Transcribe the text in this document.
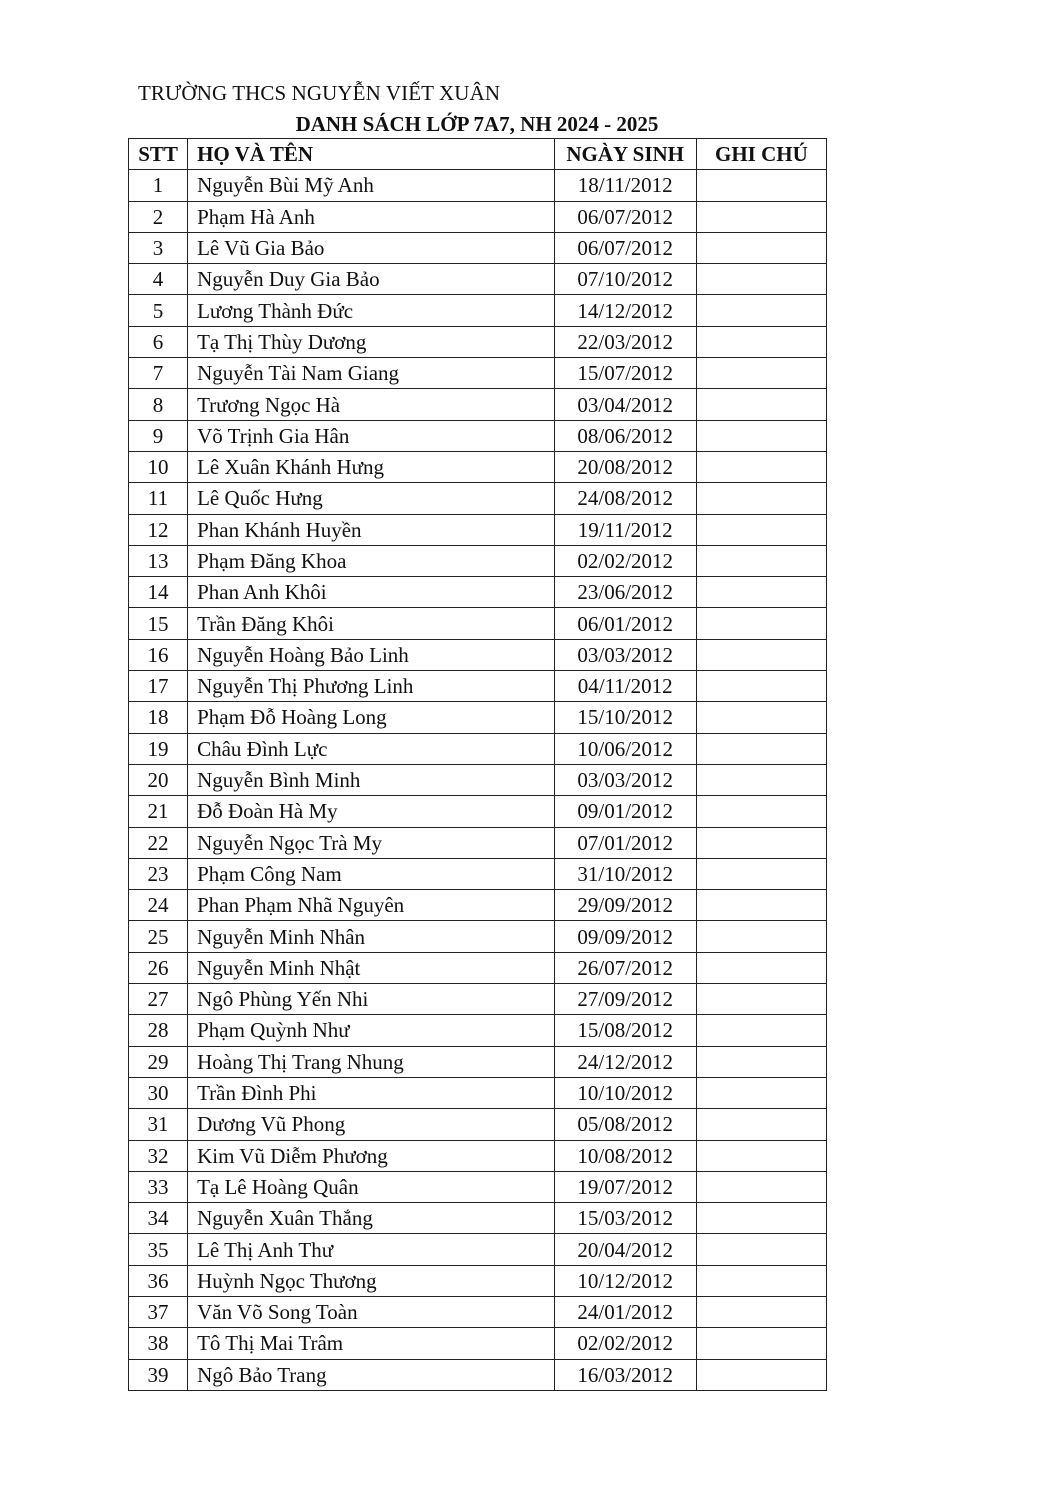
TRƯỜNG THCS NGUYỄN VIẾT XUÂN
DANH SÁCH LỚP 7A7, NH 2024 - 2025
STT	HỌ VÀ TÊN	NGÀY SINH	GHI CHÚ
1	Nguyễn Bùi Mỹ Anh	18/11/2012	
2	Phạm Hà Anh	06/07/2012	
3	Lê Vũ Gia Bảo	06/07/2012	
4	Nguyễn Duy Gia Bảo	07/10/2012	
5	Lương Thành Đức	14/12/2012	
6	Tạ Thị Thùy Dương	22/03/2012	
7	Nguyễn Tài Nam Giang	15/07/2012	
8	Trương Ngọc Hà	03/04/2012	
9	Võ Trịnh Gia Hân	08/06/2012	
10	Lê Xuân Khánh Hưng	20/08/2012	
11	Lê Quốc Hưng	24/08/2012	
12	Phan Khánh Huyền	19/11/2012	
13	Phạm Đăng Khoa	02/02/2012	
14	Phan Anh Khôi	23/06/2012	
15	Trần Đăng Khôi	06/01/2012	
16	Nguyễn Hoàng Bảo Linh	03/03/2012	
17	Nguyễn Thị Phương Linh	04/11/2012	
18	Phạm Đỗ Hoàng Long	15/10/2012	
19	Châu Đình Lực	10/06/2012	
20	Nguyễn Bình Minh	03/03/2012	
21	Đỗ Đoàn Hà My	09/01/2012	
22	Nguyễn Ngọc Trà My	07/01/2012	
23	Phạm Công Nam	31/10/2012	
24	Phan Phạm Nhã Nguyên	29/09/2012	
25	Nguyễn Minh Nhân	09/09/2012	
26	Nguyễn Minh Nhật	26/07/2012	
27	Ngô Phùng Yến Nhi	27/09/2012	
28	Phạm Quỳnh Như	15/08/2012	
29	Hoàng Thị Trang Nhung	24/12/2012	
30	Trần Đình Phi	10/10/2012	
31	Dương Vũ Phong	05/08/2012	
32	Kim Vũ Diễm Phương	10/08/2012	
33	Tạ Lê Hoàng Quân	19/07/2012	
34	Nguyễn Xuân Thắng	15/03/2012	
35	Lê Thị Anh Thư	20/04/2012	
36	Huỳnh Ngọc Thương	10/12/2012	
37	Văn Võ Song Toàn	24/01/2012	
38	Tô Thị Mai Trâm	02/02/2012	
39	Ngô Bảo Trang	16/03/2012	
